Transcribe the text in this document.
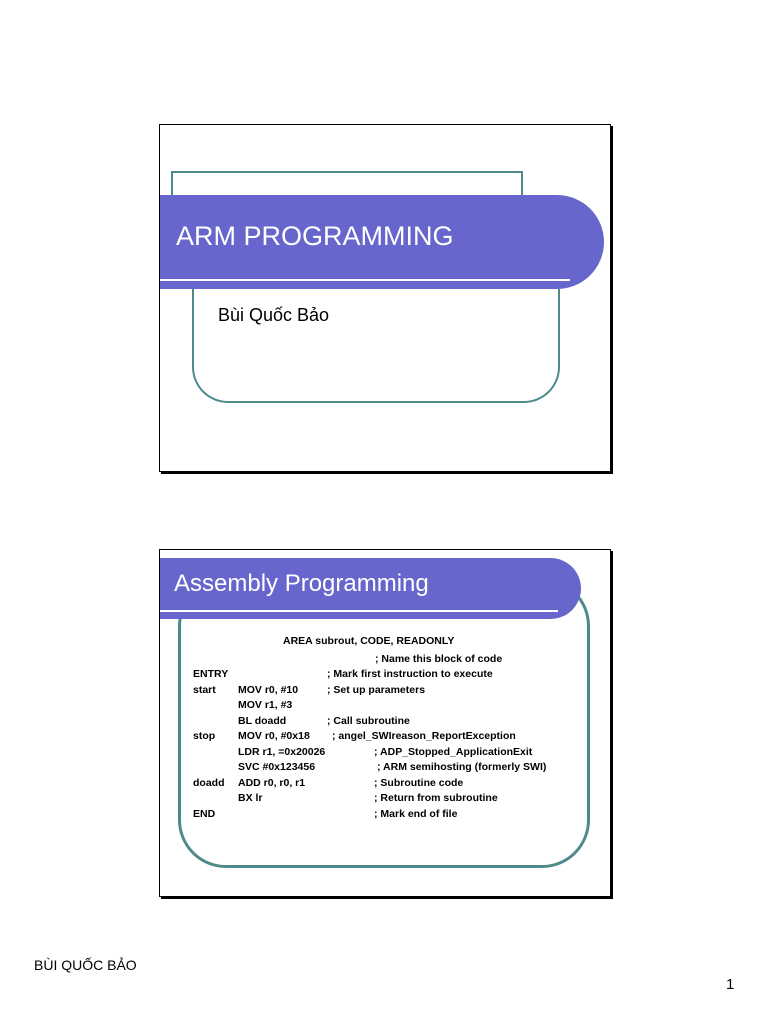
ARM PROGRAMMING
Bùi Quốc Bảo
Assembly Programming
AREA subrout, CODE, READONLY
; Name this block of code
ENTRY	; Mark first instruction to execute
start MOV r0, #10	; Set up parameters
MOV r1, #3
BL doadd	; Call subroutine
stop MOV r0, #0x18 ; angel_SWIreason_ReportException
LDR r1, =0x20026	; ADP_Stopped_ApplicationExit
SVC #0x123456	; ARM semihosting (formerly SWI)
doadd ADD r0, r0, r1	; Subroutine code
BX lr	; Return from subroutine
END	; Mark end of file
BÙI QUỐC BẢO
1
